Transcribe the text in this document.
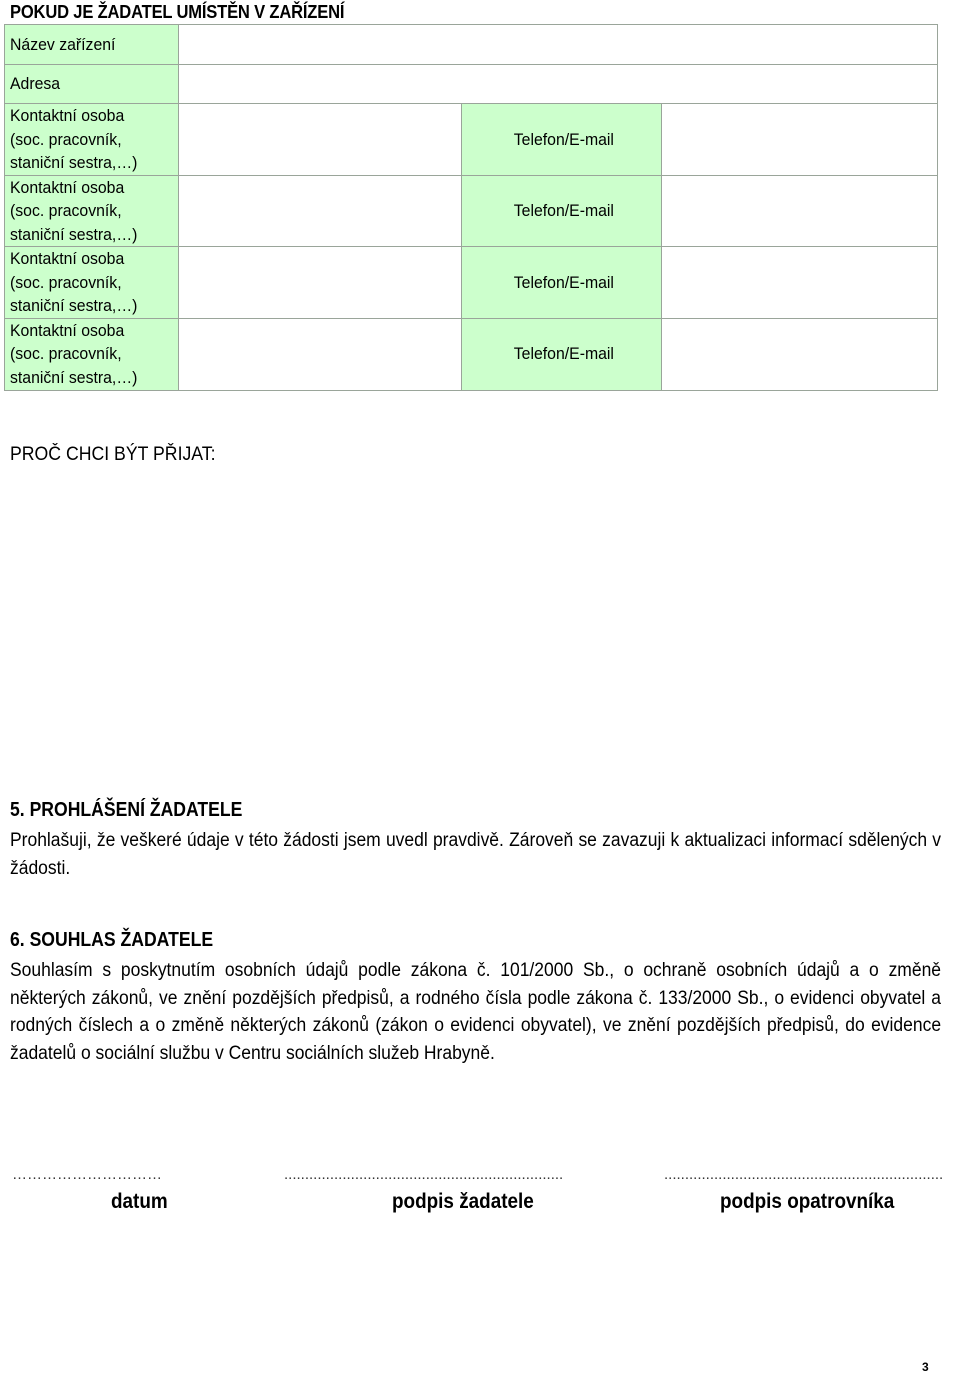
POKUD JE ŽADATEL UMÍSTĚN V ZAŘÍZENÍ
Název zařízení			

Adresa			

Kontaktní osoba
(soc. pracovník,
staniční sestra,…)		Telefon/E-mail	

Kontaktní osoba
(soc. pracovník,
staniční sestra,…)		Telefon/E-mail	

Kontaktní osoba
(soc. pracovník,
staniční sestra,…)		Telefon/E-mail	

Kontaktní osoba
(soc. pracovník,
staniční sestra,…)		Telefon/E-mail	
PROČ CHCI BÝT PŘIJAT:
5. PROHLÁŠENÍ ŽADATELE
Prohlašuji, že veškeré údaje v této žádosti jsem uvedl pravdivě. Zároveň se zavazuji k aktualizaci informací sdělených v žádosti.
6. SOUHLAS ŽADATELE
Souhlasím s poskytnutím osobních údajů podle zákona č. 101/2000 Sb., o ochraně osobních údajů a o změně některých zákonů, ve znění pozdějších předpisů, a rodného čísla podle zákona č. 133/2000 Sb., o evidenci obyvatel a rodných číslech a o změně některých zákonů (zákon o evidenci obyvatel), ve znění pozdějších předpisů, do evidence žadatelů o sociální službu v Centru sociálních služeb Hrabyně.
…………………………	...................................................................	...................................................................
datum	podpis žadatele	podpis opatrovníka
3
